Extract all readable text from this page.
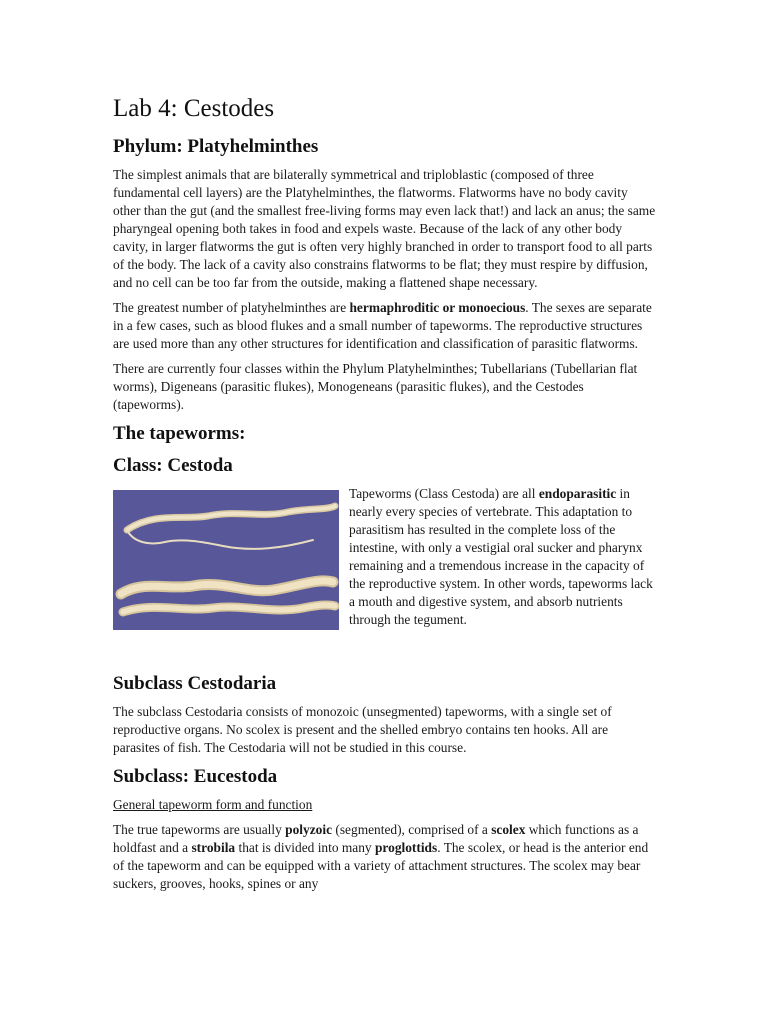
Lab 4: Cestodes
Phylum: Platyhelminthes

The simplest animals that are bilaterally symmetrical and triploblastic (composed of three fundamental cell layers) are the Platyhelminthes, the flatworms. Flatworms have no body cavity other than the gut (and the smallest free-living forms may even lack that!) and lack an anus; the same pharyngeal opening both takes in food and expels waste. Because of the lack of any other body cavity, in larger flatworms the gut is often very highly branched in order to transport food to all parts of the body. The lack of a cavity also constrains flatworms to be flat; they must respire by diffusion, and no cell can be too far from the outside, making a flattened shape necessary.

The greatest number of platyhelminthes are hermaphroditic or monoecious. The sexes are separate in a few cases, such as blood flukes and a small number of tapeworms. The reproductive structures are used more than any other structures for identification and classification of parasitic flatworms.

There are currently four classes within the Phylum Platyhelminthes; Tubellarians (Tubellarian flat worms), Digeneans (parasitic flukes), Monogeneans (parasitic flukes), and the Cestodes (tapeworms).

The tapeworms:
Class: Cestoda

Tapeworms (Class Cestoda) are all endoparasitic in nearly every species of vertebrate. This adaptation to parasitism has resulted in the complete loss of the intestine, with only a vestigial oral sucker and pharynx remaining and a tremendous increase in the capacity of the reproductive system. In other words, tapeworms lack a mouth and digestive system, and absorb nutrients through the tegument.

Subclass Cestodaria

The subclass Cestodaria consists of monozoic (unsegmented) tapeworms, with a single set of reproductive organs. No scolex is present and the shelled embryo contains ten hooks. All are parasites of fish. The Cestodaria will not be studied in this course.

Subclass: Eucestoda
General tapeworm form and function

The true tapeworms are usually polyzoic (segmented), comprised of a scolex which functions as a holdfast and a strobila that is divided into many proglottids. The scolex, or head is the anterior end of the tapeworm and can be equipped with a variety of attachment structures. The scolex may bear suckers, grooves, hooks, spines or any
